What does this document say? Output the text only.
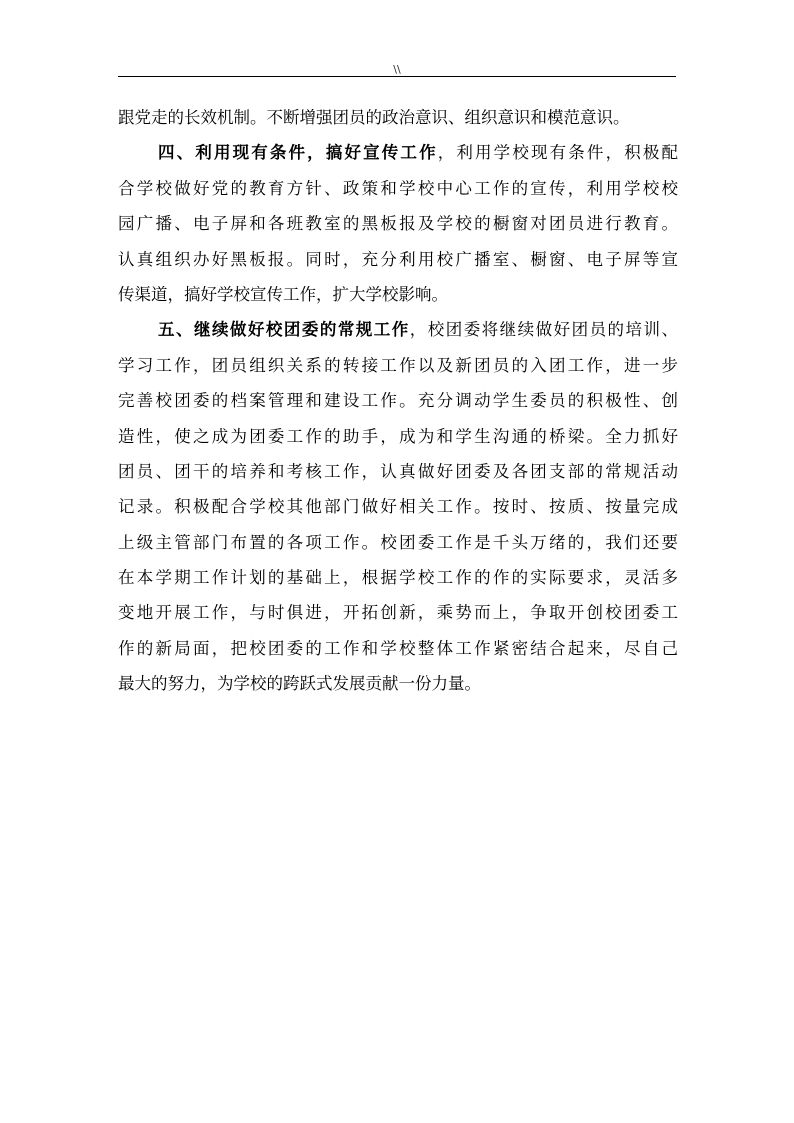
\\
跟党走的长效机制。不断增强团员的政治意识、组织意识和模范意识。
四、利用现有条件，搞好宣传工作，利用学校现有条件，积极配
合学校做好党的教育方针、政策和学校中心工作的宣传，利用学校校
园广播、电子屏和各班教室的黑板报及学校的橱窗对团员进行教育。
认真组织办好黑板报。同时，充分利用校广播室、橱窗、电子屏等宣
传渠道，搞好学校宣传工作，扩大学校影响。
五、继续做好校团委的常规工作，校团委将继续做好团员的培训、
学习工作，团员组织关系的转接工作以及新团员的入团工作，进一步
完善校团委的档案管理和建设工作。充分调动学生委员的积极性、创
造性，使之成为团委工作的助手，成为和学生沟通的桥梁。全力抓好
团员、团干的培养和考核工作，认真做好团委及各团支部的常规活动
记录。积极配合学校其他部门做好相关工作。按时、按质、按量完成
上级主管部门布置的各项工作。校团委工作是千头万绪的，我们还要
在本学期工作计划的基础上，根据学校工作的作的实际要求，灵活多
变地开展工作，与时俱进，开拓创新，乘势而上，争取开创校团委工
作的新局面，把校团委的工作和学校整体工作紧密结合起来，尽自己
最大的努力，为学校的跨跃式发展贡献一份力量。
